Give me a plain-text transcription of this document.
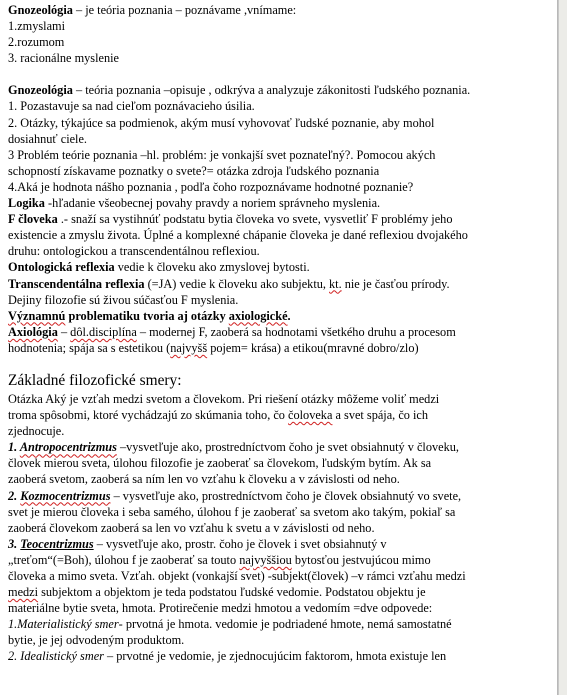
Gnozeológia – je teória poznania – poznávame ,vnímame:
1.zmyslami
2.rozumom
3. racionálne myslenie
Gnozeológia – teória poznania –opisuje , odkrýva a analyzuje zákonitosti ľudského poznania.
1. Pozastavuje sa nad cieľom poznávacieho úsilia.
2. Otázky, týkajúce sa podmienok, akým musí vyhovovať ľudské poznanie, aby mohol
dosiahnuť ciele.
3 Problém teórie poznania –hl. problém: je vonkajší svet poznateľný?. Pomocou akých
schopností získavame poznatky o svete?= otázka zdroja ľudského poznania
4.Aká je hodnota nášho poznania , podľa čoho rozpoznávame hodnotné poznanie?
Logika -hľadanie všeobecnej povahy pravdy a noriem správneho myslenia.
F človeka .- snaží sa vystihnúť podstatu bytia človeka vo svete, vysvetliť F problémy jeho
existencie a zmyslu života. Úplné a komplexné chápanie človeka je dané reflexiou dvojakého
druhu: ontologickou a transcendentálnou reflexiou.
Ontologická reflexia vedie k človeku ako zmyslovej bytosti.
Transcendentálna reflexia (=JA) vedie k človeku ako subjektu, kt. nie je časťou prírody.
Dejiny filozofie sú živou súčasťou F myslenia.
Významnú problematiku tvoria aj otázky axiologické.
Axiológia – dôl.disciplína – modernej F, zaoberá sa hodnotami všetkého druhu a procesom
hodnotenia; spája sa s estetikou (najvyšš pojem= krása) a etikou(mravné dobro/zlo)
Základné filozofické smery:
Otázka Aký je vzťah medzi svetom a človekom. Pri riešení otázky môžeme voliť medzi
troma spôsobmi, ktoré vychádzajú zo skúmania toho, čo čoloveka a svet spája, čo ich
zjednocuje.
1. Antropocentrizmus –vysvetľuje ako, prostredníctvom čoho je svet obsiahnutý v človeku,
človek mierou sveta, úlohou filozofie je zaoberať sa človekom, ľudským bytím. Ak sa
zaoberá svetom, zaoberá sa ním len vo vzťahu k človeku a v závislosti od neho.
2. Kozmocentrizmus – vysvetľuje ako, prostredníctvom čoho je človek obsiahnutý vo svete,
svet je mierou človeka i seba samého, úlohou f je zaoberať sa svetom ako takým, pokiaľ sa
zaoberá človekom zaoberá sa len vo vzťahu k svetu a v závislosti od neho.
3. Teocentrizmus – vysvetľuje ako, prostr. čoho je človek i svet obsiahnutý v
„treťom“(=Boh), úlohou f je zaoberať sa touto najvyššiou bytosťou jestvujúcou mimo
človeka a mimo sveta. Vzťah. objekt (vonkajší svet) -subjekt(človek) –v rámci vzťahu medzi
medzi subjektom a objektom je teda podstatou ľudské vedomie. Podstatou objektu je
materiálne bytie sveta, hmota. Protirečenie medzi hmotou a vedomím =dve odpovede:
1.Materialistický smer- prvotná je hmota. vedomie je podriadené hmote, nemá samostatné
bytie, je jej odvodeným produktom.
2. Idealistický smer – prvotné je vedomie, je zjednocujúcim faktorom, hmota existuje len
